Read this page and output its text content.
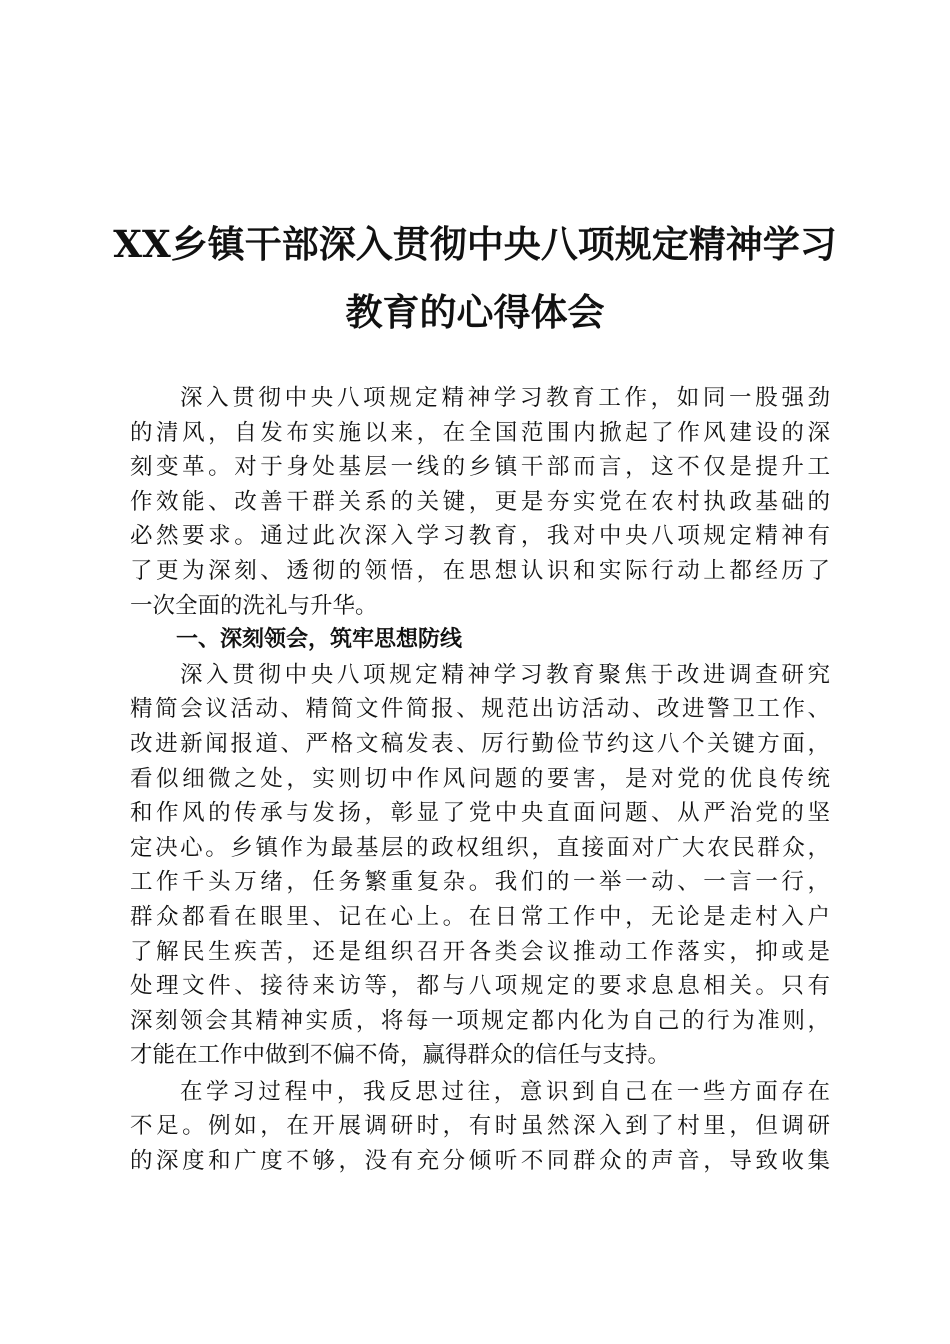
XX乡镇干部深入贯彻中央八项规定精神学习
教育的心得体会
深入贯彻中央八项规定精神学习教育工作，如同一股强劲
的清风，自发布实施以来，在全国范围内掀起了作风建设的深
刻变革。对于身处基层一线的乡镇干部而言，这不仅是提升工
作效能、改善干群关系的关键，更是夯实党在农村执政基础的
必然要求。通过此次深入学习教育，我对中央八项规定精神有
了更为深刻、透彻的领悟，在思想认识和实际行动上都经历了
一次全面的洗礼与升华。
一、深刻领会，筑牢思想防线
深入贯彻中央八项规定精神学习教育聚焦于改进调查研究
精简会议活动、精简文件简报、规范出访活动、改进警卫工作、
改进新闻报道、严格文稿发表、厉行勤俭节约这八个关键方面，
看似细微之处，实则切中作风问题的要害，是对党的优良传统
和作风的传承与发扬，彰显了党中央直面问题、从严治党的坚
定决心。乡镇作为最基层的政权组织，直接面对广大农民群众，
工作千头万绪，任务繁重复杂。我们的一举一动、一言一行，
群众都看在眼里、记在心上。在日常工作中，无论是走村入户
了解民生疾苦，还是组织召开各类会议推动工作落实，抑或是
处理文件、接待来访等，都与八项规定的要求息息相关。只有
深刻领会其精神实质，将每一项规定都内化为自己的行为准则，
才能在工作中做到不偏不倚，赢得群众的信任与支持。
在学习过程中，我反思过往，意识到自己在一些方面存在
不足。例如，在开展调研时，有时虽然深入到了村里，但调研
的深度和广度不够，没有充分倾听不同群众的声音，导致收集
